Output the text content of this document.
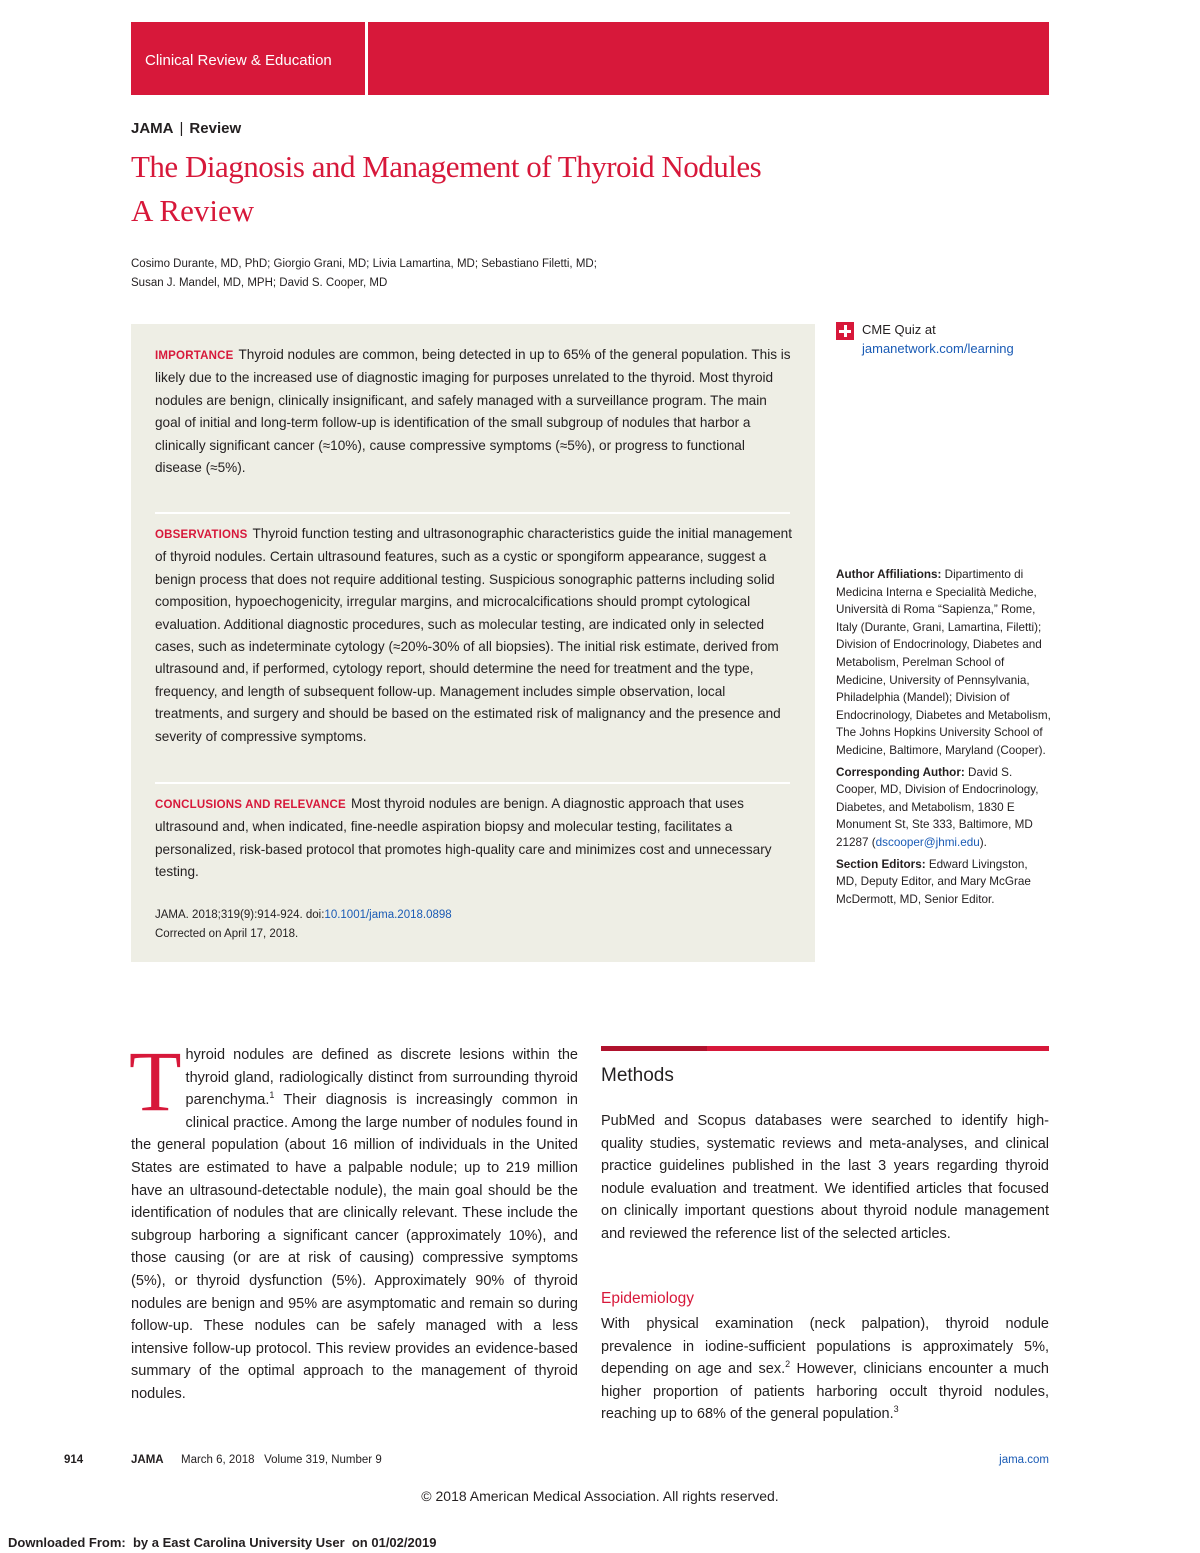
Clinical Review & Education
JAMA | Review
The Diagnosis and Management of Thyroid Nodules
A Review
Cosimo Durante, MD, PhD; Giorgio Grani, MD; Livia Lamartina, MD; Sebastiano Filetti, MD;
Susan J. Mandel, MD, MPH; David S. Cooper, MD
IMPORTANCE Thyroid nodules are common, being detected in up to 65% of the general population. This is likely due to the increased use of diagnostic imaging for purposes unrelated to the thyroid. Most thyroid nodules are benign, clinically insignificant, and safely managed with a surveillance program. The main goal of initial and long-term follow-up is identification of the small subgroup of nodules that harbor a clinically significant cancer (≈10%), cause compressive symptoms (≈5%), or progress to functional disease (≈5%).
OBSERVATIONS Thyroid function testing and ultrasonographic characteristics guide the initial management of thyroid nodules. Certain ultrasound features, such as a cystic or spongiform appearance, suggest a benign process that does not require additional testing. Suspicious sonographic patterns including solid composition, hypoechogenicity, irregular margins, and microcalcifications should prompt cytological evaluation. Additional diagnostic procedures, such as molecular testing, are indicated only in selected cases, such as indeterminate cytology (≈20%-30% of all biopsies). The initial risk estimate, derived from ultrasound and, if performed, cytology report, should determine the need for treatment and the type, frequency, and length of subsequent follow-up. Management includes simple observation, local treatments, and surgery and should be based on the estimated risk of malignancy and the presence and severity of compressive symptoms.
CONCLUSIONS AND RELEVANCE Most thyroid nodules are benign. A diagnostic approach that uses ultrasound and, when indicated, fine-needle aspiration biopsy and molecular testing, facilitates a personalized, risk-based protocol that promotes high-quality care and minimizes cost and unnecessary testing.
JAMA. 2018;319(9):914-924. doi:10.1001/jama.2018.0898
Corrected on April 17, 2018.
CME Quiz at
jamanetwork.com/learning

Author Affiliations: Dipartimento di Medicina Interna e Specialità Mediche, Università di Roma “Sapienza,” Rome, Italy (Durante, Grani, Lamartina, Filetti); Division of Endocrinology, Diabetes and Metabolism, Perelman School of Medicine, University of Pennsylvania, Philadelphia (Mandel); Division of Endocrinology, Diabetes and Metabolism, The Johns Hopkins University School of Medicine, Baltimore, Maryland (Cooper).

Corresponding Author: David S. Cooper, MD, Division of Endocrinology, Diabetes, and Metabolism, 1830 E Monument St, Ste 333, Baltimore, MD 21287 (dscooper@jhmi.edu).

Section Editors: Edward Livingston, MD, Deputy Editor, and Mary McGrae McDermott, MD, Senior Editor.

Thyroid nodules are defined as discrete lesions within the thyroid gland, radiologically distinct from surrounding thyroid parenchyma.$^1$ Their diagnosis is increasingly common in clinical practice. Among the large number of nodules found in the general population (about 16 million of individuals in the United States are estimated to have a palpable nodule; up to 219 million have an ultrasound-detectable nodule), the main goal should be the identification of nodules that are clinically relevant. These include the subgroup harboring a significant cancer (approximately 10%), and those causing (or are at risk of causing) compressive symptoms (5%), or thyroid dysfunction (5%). Approximately 90% of thyroid nodules are benign and 95% are asymptomatic and remain so during follow-up. These nodules can be safely managed with a less intensive follow-up protocol. This review provides an evidence-based summary of the optimal approach to the management of thyroid nodules.
Methods
PubMed and Scopus databases were searched to identify high-quality studies, systematic reviews and meta-analyses, and clinical practice guidelines published in the last 3 years regarding thyroid nodule evaluation and treatment. We identified articles that focused on clinically important questions about thyroid nodule management and reviewed the reference list of the selected articles.
Epidemiology
With physical examination (neck palpation), thyroid nodule prevalence in iodine-sufficient populations is approximately 5%, depending on age and sex.$^2$ However, clinicians encounter a much higher proportion of patients harboring occult thyroid nodules, reaching up to 68% of the general population.$^3$
914	JAMA March 6, 2018   Volume 319, Number 9	jama.com
© 2018 American Medical Association. All rights reserved.
Downloaded From:  by a East Carolina University User  on 01/02/2019
